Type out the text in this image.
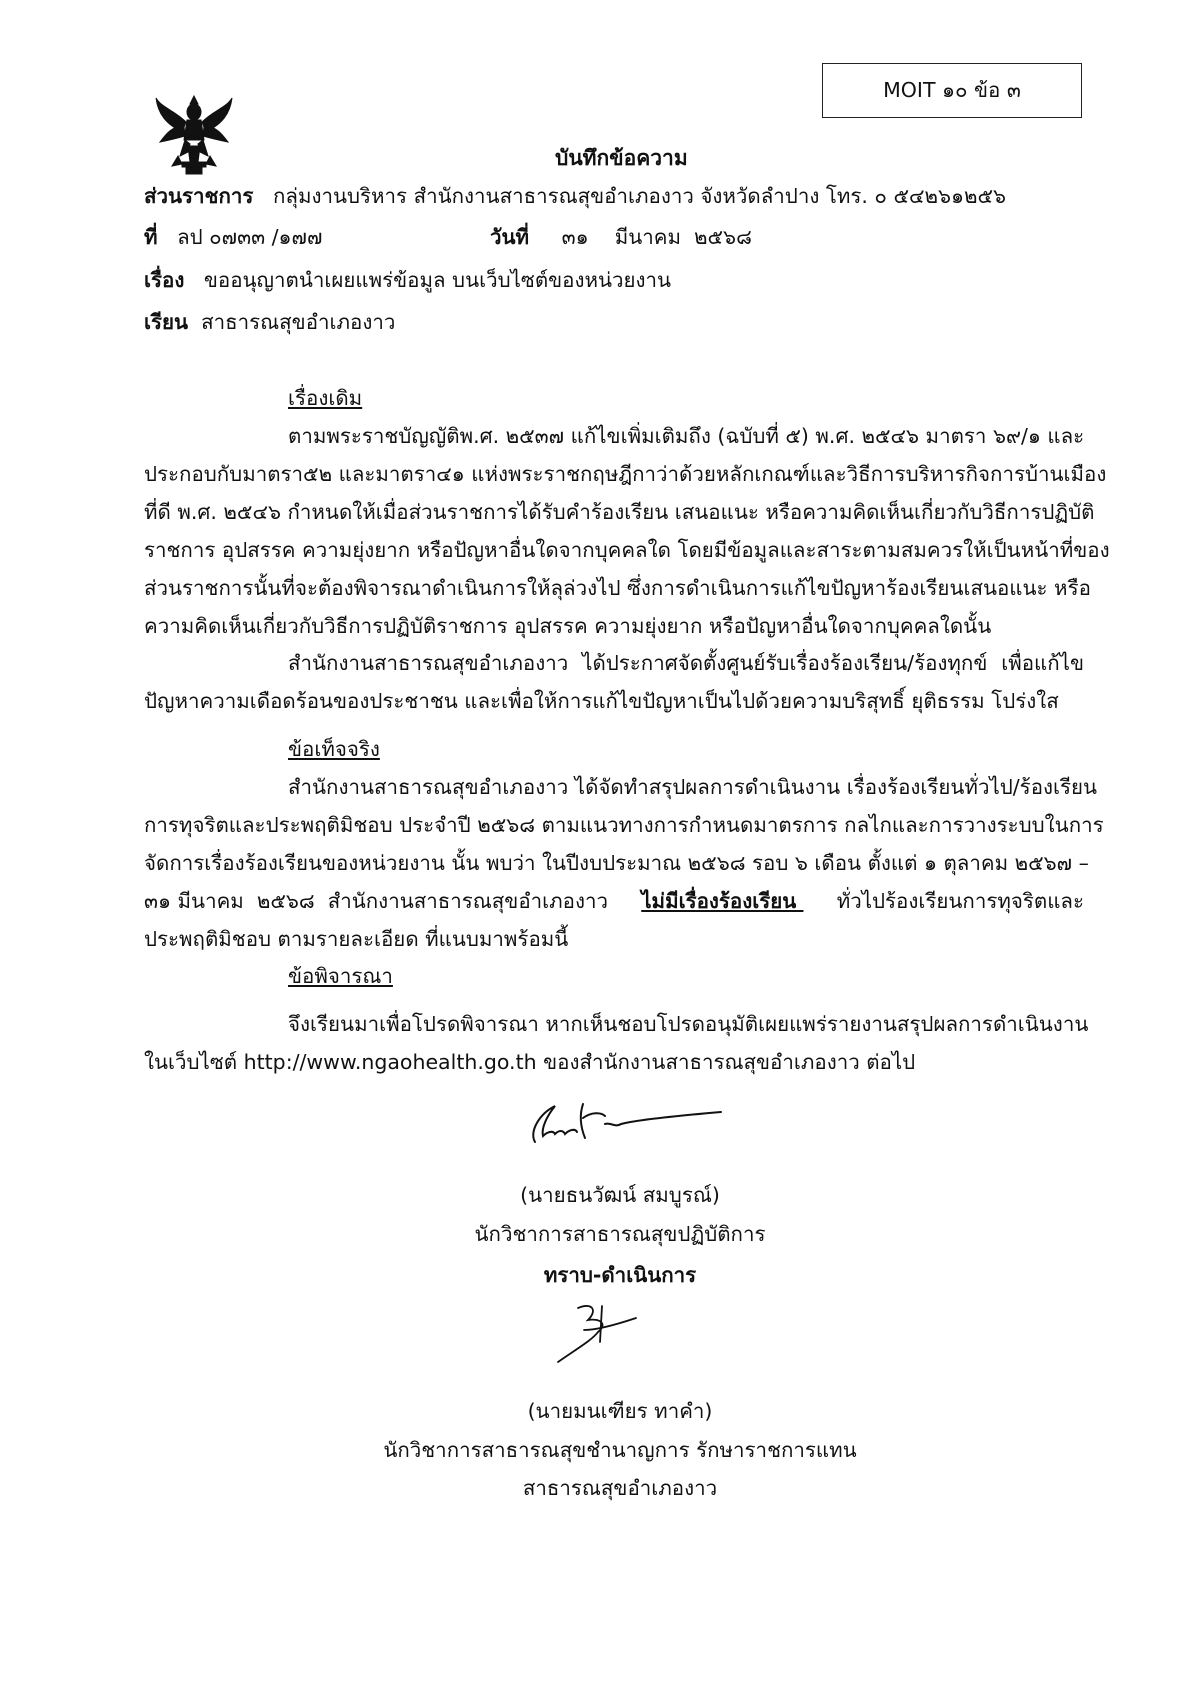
MOIT ๑๐ ข้อ ๓
บันทึกข้อความ
ส่วนราชการ กลุ่มงานบริหาร สำนักงานสาธารณสุขอำเภองาว จังหวัดลำปาง โทร. ๐ ๕๔๒๖๑๒๕๖
ที่ ลป ๐๗๓๓ /๑๗๗	วันที่ ๓๑    มีนาคม  ๒๕๖๘
เรื่อง ขออนุญาตนำเผยแพร่ข้อมูล บนเว็บไซต์ของหน่วยงาน
เรียน สาธารณสุขอำเภองาว
เรื่องเดิม
ตามพระราชบัญญัติพ.ศ. ๒๕๓๗ แก้ไขเพิ่มเติมถึง (ฉบับที่ ๕) พ.ศ. ๒๕๔๖ มาตรา ๖๙/๑ และ
ประกอบกับมาตรา๕๒ และมาตรา๔๑ แห่งพระราชกฤษฎีกาว่าด้วยหลักเกณฑ์และวิธีการบริหารกิจการบ้านเมือง
ที่ดี พ.ศ. ๒๕๔๖ กำหนดให้เมื่อส่วนราชการได้รับคำร้องเรียน เสนอแนะ หรือความคิดเห็นเกี่ยวกับวิธีการปฏิบัติ
ราชการ อุปสรรค ความยุ่งยาก หรือปัญหาอื่นใดจากบุคคลใด โดยมีข้อมูลและสาระตามสมควรให้เป็นหน้าที่ของ
ส่วนราชการนั้นที่จะต้องพิจารณาดำเนินการให้ลุล่วงไป ซึ่งการดำเนินการแก้ไขปัญหาร้องเรียนเสนอแนะ หรือ
ความคิดเห็นเกี่ยวกับวิธีการปฏิบัติราชการ อุปสรรค ความยุ่งยาก หรือปัญหาอื่นใดจากบุคคลใดนั้น
สำนักงานสาธารณสุขอำเภองาว ได้ประกาศจัดตั้งศูนย์รับเรื่องร้องเรียน/ร้องทุกข์ เพื่อแก้ไข
ปัญหาความเดือดร้อนของประชาชน และเพื่อให้การแก้ไขปัญหาเป็นไปด้วยความบริสุทธิ์ ยุติธรรม โปร่งใส
ข้อเท็จจริง
สำนักงานสาธารณสุขอำเภองาว ได้จัดทำสรุปผลการดำเนินงาน เรื่องร้องเรียนทั่วไป/ร้องเรียน
การทุจริตและประพฤติมิชอบ ประจำปี ๒๕๖๘ ตามแนวทางการกำหนดมาตรการ กลไกและการวางระบบในการ
จัดการเรื่องร้องเรียนของหน่วยงาน นั้น พบว่า ในปีงบประมาณ ๒๕๖๘ รอบ ๖ เดือน ตั้งแต่ ๑ ตุลาคม ๒๕๖๗ –
๓๑ มีนาคม  ๒๕๖๘  สำนักงานสาธารณสุขอำเภองาว ไม่มีเรื่องร้องเรียน ทั่วไปร้องเรียนการทุจริตและ
ประพฤติมิชอบ ตามรายละเอียด ที่แนบมาพร้อมนี้
ข้อพิจารณา
จึงเรียนมาเพื่อโปรดพิจารณา หากเห็นชอบโปรดอนุมัติเผยแพร่รายงานสรุปผลการดำเนินงาน
ในเว็บไซต์ http://www.ngaohealth.go.th ของสำนักงานสาธารณสุขอำเภองาว ต่อไป
(นายธนวัฒน์ สมบูรณ์)
นักวิชาการสาธารณสุขปฏิบัติการ
ทราบ-ดำเนินการ
(นายมนเฑียร ทาคำ)
นักวิชาการสาธารณสุขชำนาญการ รักษาราชการแทน
สาธารณสุขอำเภองาว
